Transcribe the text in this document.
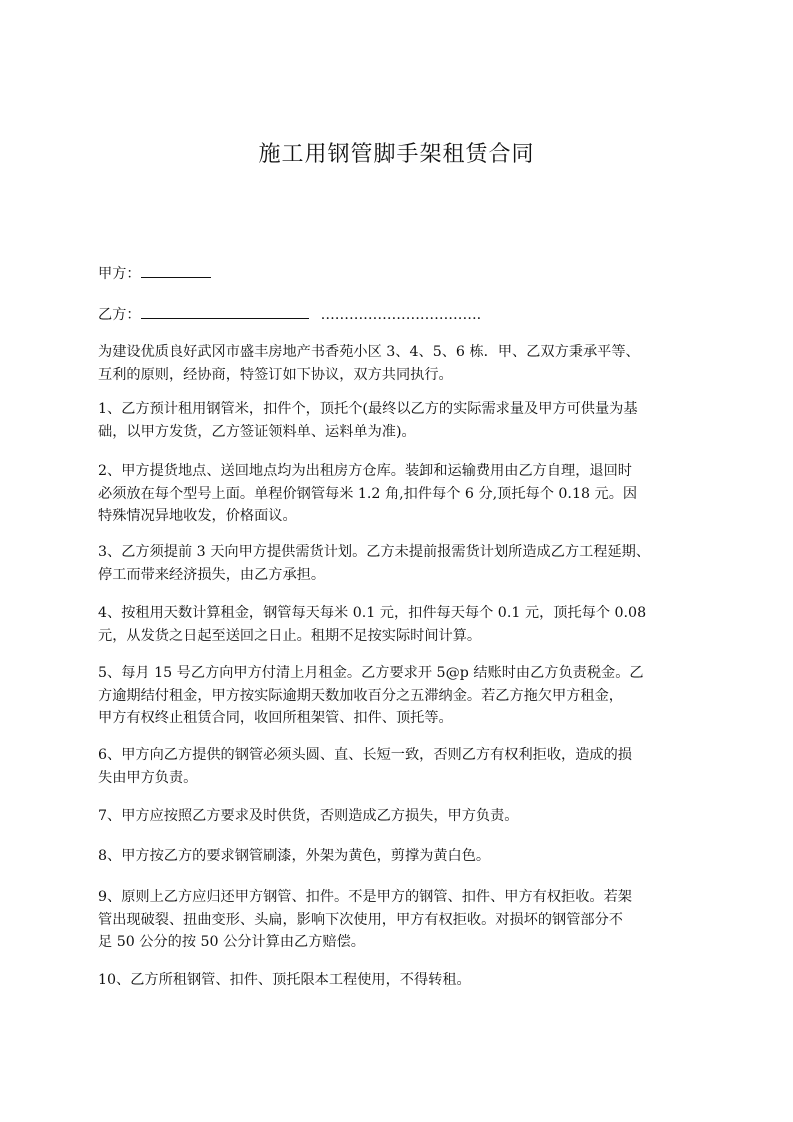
施工用钢管脚手架租赁合同
甲方：
乙方：	…………………………….
为建设优质良好武冈市盛丰房地产书香苑小区 3、4、5、6 栋．甲、乙双方秉承平等、
互利的原则，经协商，特签订如下协议，双方共同执行。
1、乙方预计租用钢管米，扣件个，顶托个(最终以乙方的实际需求量及甲方可供量为基
础，以甲方发货，乙方签证领料单、运料单为准)。
2、甲方提货地点、送回地点均为出租房方仓库。装卸和运输费用由乙方自理，退回时
必须放在每个型号上面。单程价钢管每米 1.2 角,扣件每个 6 分,顶托每个 0.18 元。因
特殊情况异地收发，价格面议。
3、乙方须提前 3 天向甲方提供需货计划。乙方未提前报需货计划所造成乙方工程延期、
停工而带来经济损失，由乙方承担。
4、按租用天数计算租金，钢管每天每米 0.1 元，扣件每天每个 0.1 元，顶托每个 0.08
元，从发货之日起至送回之日止。租期不足按实际时间计算。
5、每月 15 号乙方向甲方付清上月租金。乙方要求开 5@p 结账时由乙方负责税金。乙
方逾期结付租金，甲方按实际逾期天数加收百分之五滞纳金。若乙方拖欠甲方租金，
甲方有权终止租赁合同，收回所租架管、扣件、顶托等。
6、甲方向乙方提供的钢管必须头圆、直、长短一致，否则乙方有权利拒收，造成的损
失由甲方负责。
7、甲方应按照乙方要求及时供货，否则造成乙方损失，甲方负责。
8、甲方按乙方的要求钢管刷漆，外架为黄色，剪撑为黄白色。
9、原则上乙方应归还甲方钢管、扣件。不是甲方的钢管、扣件、甲方有权拒收。若架
管出现破裂、扭曲变形、头扁，影响下次使用，甲方有权拒收。对损坏的钢管部分不
足 50 公分的按 50 公分计算由乙方赔偿。
10、乙方所租钢管、扣件、顶托限本工程使用，不得转租。
